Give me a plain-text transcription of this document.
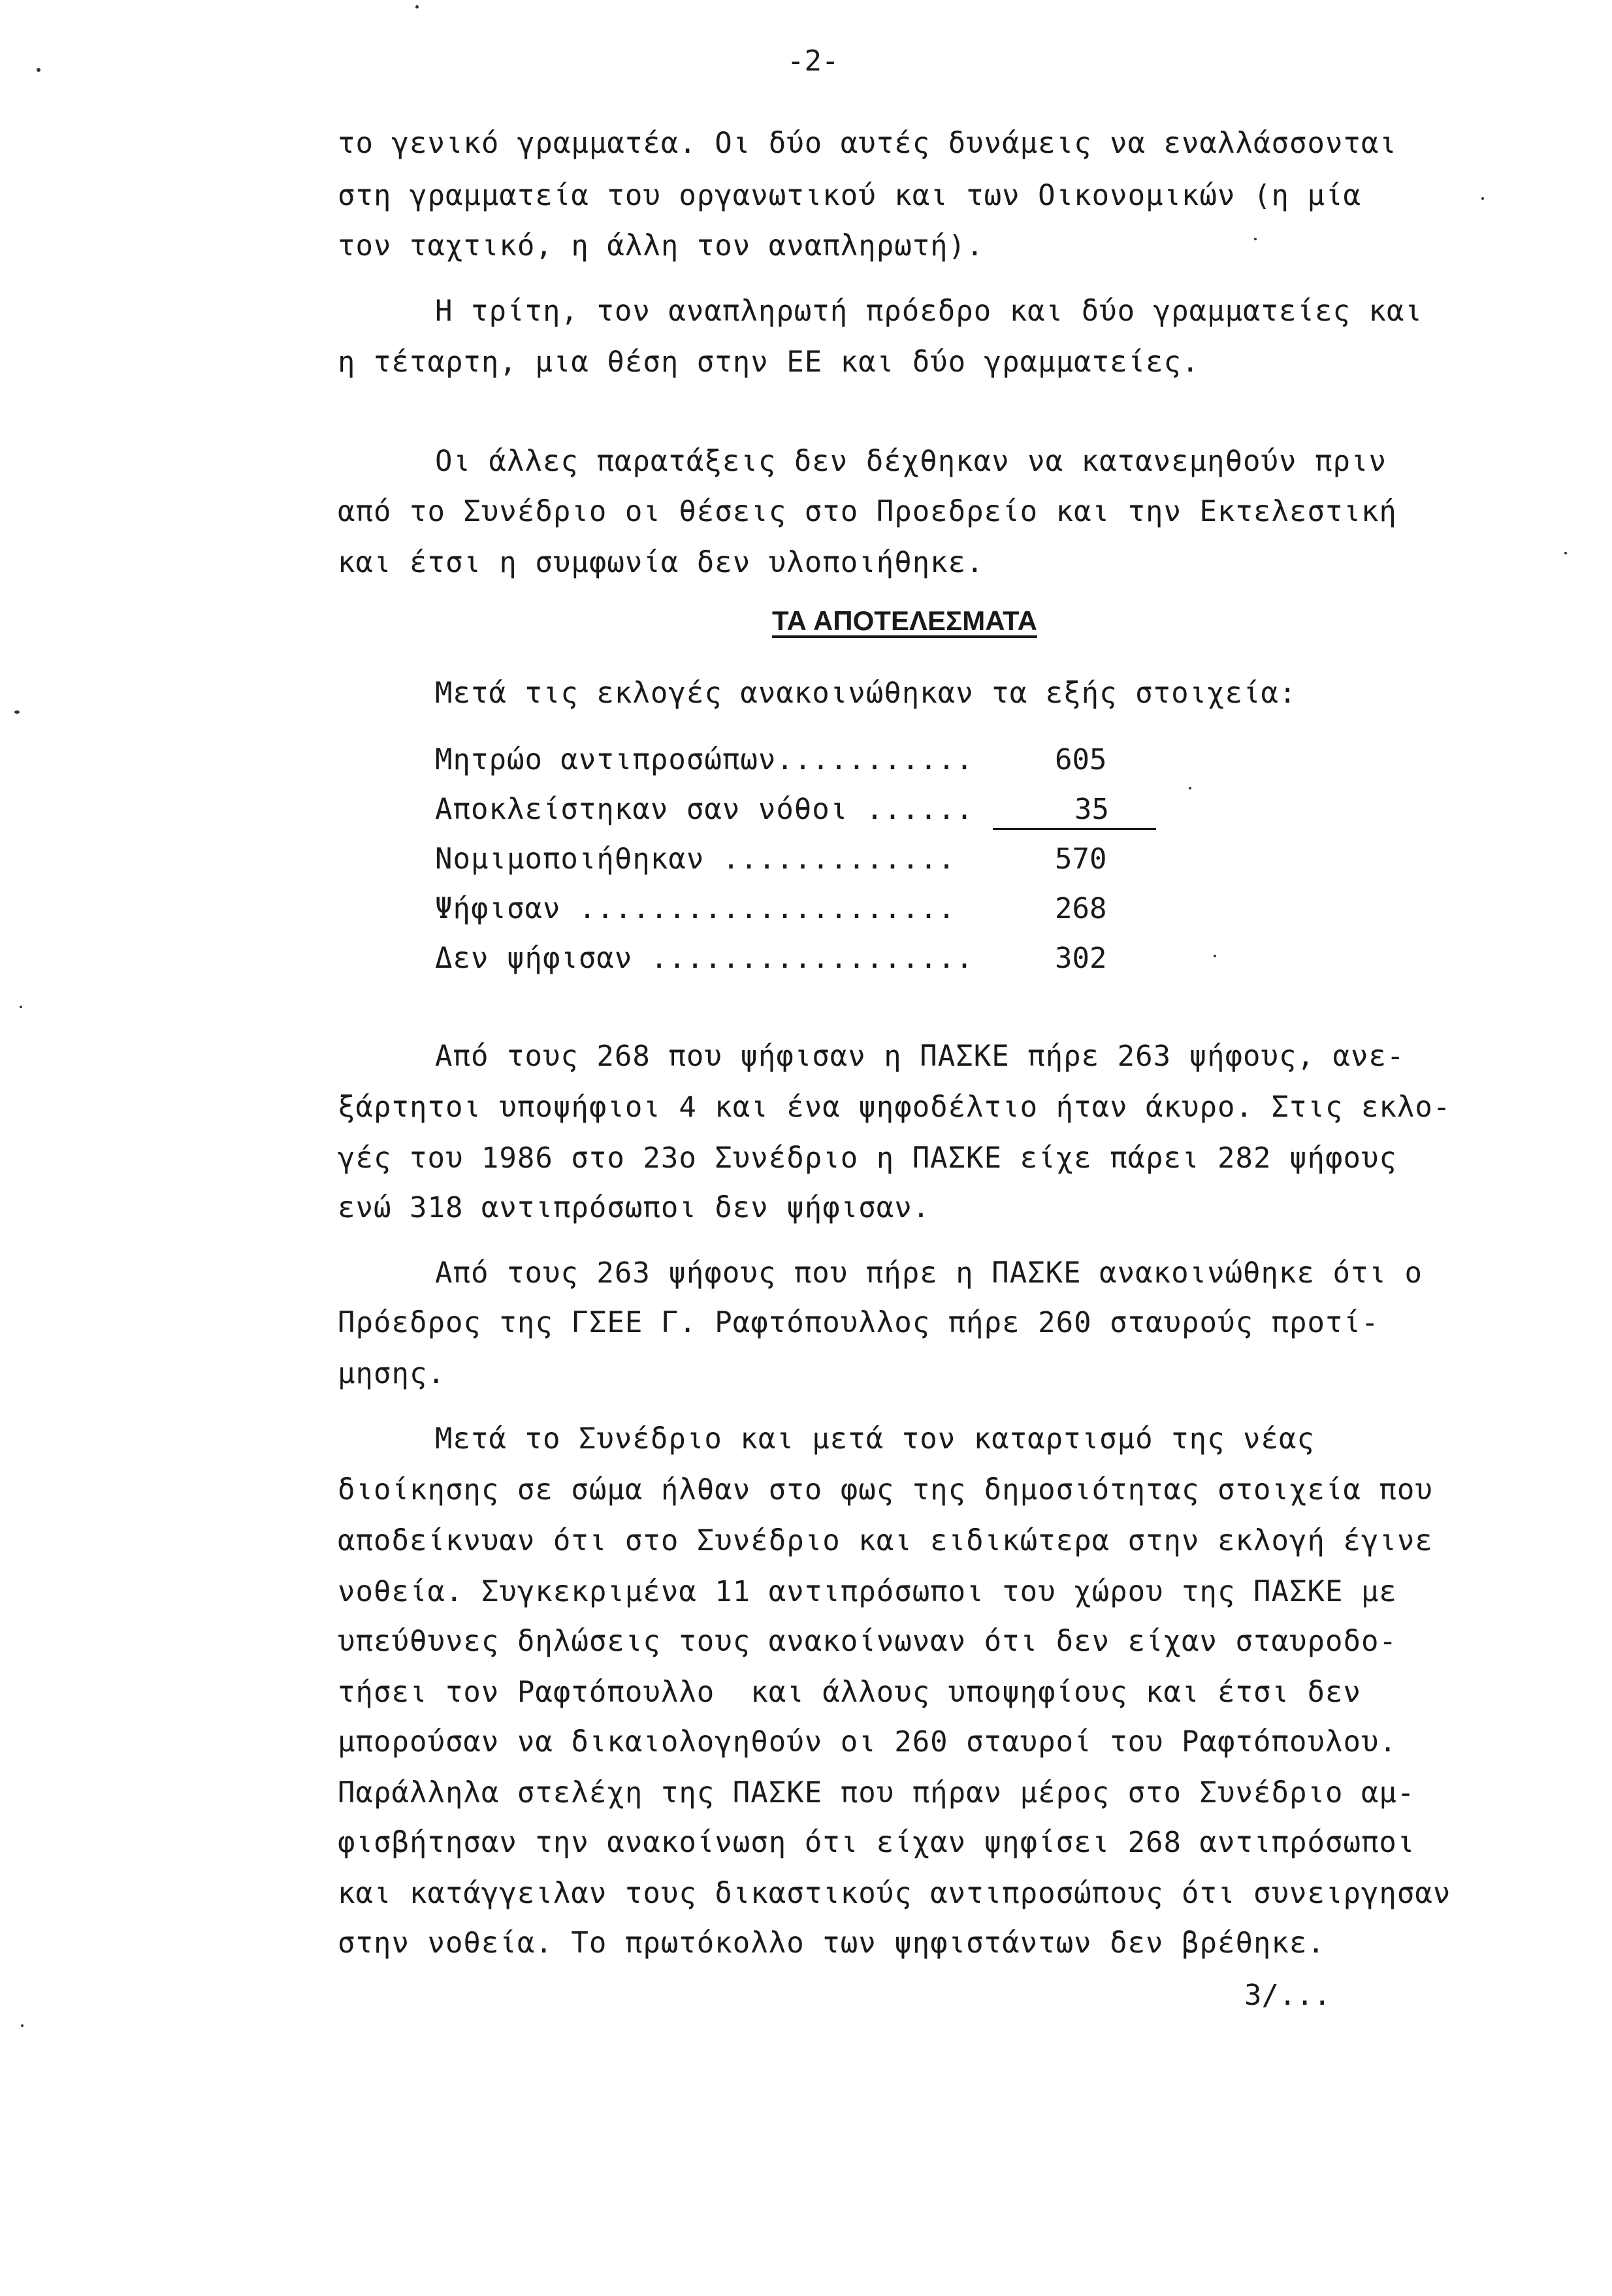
-2-
το γενικό γραμματέα. Οι δύο αυτές δυνάμεις να εναλλάσσονται
στη γραμματεία του οργανωτικού και των Οικονομικών (η μία
τον ταχτικό, η άλλη τον αναπληρωτή).
Η τρίτη, τον αναπληρωτή πρόεδρο και δύο γραμματείες και
η τέταρτη, μια θέση στην ΕΕ και δύο γραμματείες.
Οι άλλες παρατάξεις δεν δέχθηκαν να κατανεμηθούν πριν
από το Συνέδριο οι θέσεις στο Προεδρείο και την Εκτελεστική
και έτσι η συμφωνία δεν υλοποιήθηκε.
ΤΑ ΑΠΟΤΕΛΕΣΜΑΤΑ
Μετά τις εκλογές ανακοινώθηκαν τα εξής στοιχεία:
Μητρώο αντιπροσώπων...........	605
Αποκλείστηκαν σαν νόθοι ......	35
Νομιμοποιήθηκαν .............	570
Ψήφισαν .....................	268
Δεν ψήφισαν ..................	302
Από τους 268 που ψήφισαν η ΠΑΣΚΕ πήρε 263 ψήφους, ανε-
ξάρτητοι υποψήφιοι 4 και ένα ψηφοδέλτιο ήταν άκυρο. Στις εκλο-
γές του 1986 στο 23ο Συνέδριο η ΠΑΣΚΕ είχε πάρει 282 ψήφους
ενώ 318 αντιπρόσωποι δεν ψήφισαν.
Από τους 263 ψήφους που πήρε η ΠΑΣΚΕ ανακοινώθηκε ότι ο
Πρόεδρος της ΓΣΕΕ Γ. Ραφτόπουλλος πήρε 260 σταυρούς προτί-
μησης.
Μετά το Συνέδριο και μετά τον καταρτισμό της νέας
διοίκησης σε σώμα ήλθαν στο φως της δημοσιότητας στοιχεία που
αποδείκνυαν ότι στο Συνέδριο και ειδικώτερα στην εκλογή έγινε
νοθεία. Συγκεκριμένα 11 αντιπρόσωποι του χώρου της ΠΑΣΚΕ με
υπεύθυνες δηλώσεις τους ανακοίνωναν ότι δεν είχαν σταυροδο-
τήσει τον Ραφτόπουλλο  και άλλους υποψηφίους και έτσι δεν
μπορούσαν να δικαιολογηθούν οι 260 σταυροί του Ραφτόπουλου.
Παράλληλα στελέχη της ΠΑΣΚΕ που πήραν μέρος στο Συνέδριο αμ-
φισβήτησαν την ανακοίνωση ότι είχαν ψηφίσει 268 αντιπρόσωποι
και κατάγγειλαν τους δικαστικούς αντιπροσώπους ότι συνειργησαν
στην νοθεία. Το πρωτόκολλο των ψηφιστάντων δεν βρέθηκε.
3/...
